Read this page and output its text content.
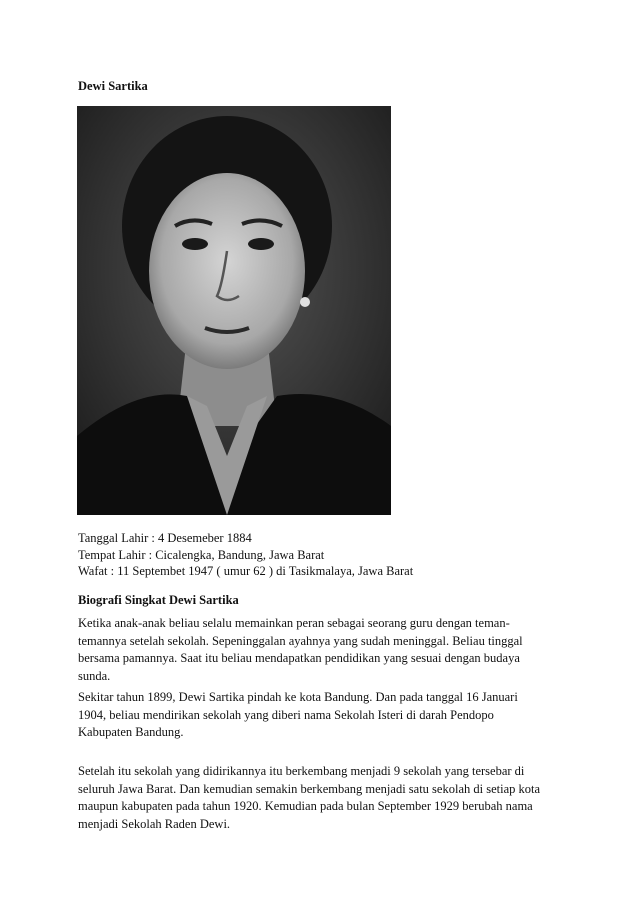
Dewi Sartika
Tanggal Lahir : 4 Desemeber 1884
Tempat Lahir : Cicalengka, Bandung, Jawa Barat
Wafat : 11 Septembet 1947 ( umur 62 ) di Tasikmalaya, Jawa Barat
Biografi Singkat Dewi Sartika
Ketika anak-anak beliau selalu memainkan peran sebagai seorang guru dengan teman-
temannya setelah sekolah. Sepeninggalan ayahnya yang sudah meninggal. Beliau tinggal
bersama pamannya. Saat itu beliau mendapatkan pendidikan yang sesuai dengan budaya
sunda.
Sekitar tahun 1899, Dewi Sartika pindah ke kota Bandung. Dan pada tanggal 16 Januari
1904, beliau mendirikan sekolah yang diberi nama Sekolah Isteri di darah Pendopo
Kabupaten Bandung.
Setelah itu sekolah yang didirikannya itu berkembang menjadi 9 sekolah yang tersebar di
seluruh Jawa Barat. Dan kemudian semakin berkembang menjadi satu sekolah di setiap kota
maupun kabupaten pada tahun 1920. Kemudian pada bulan September 1929 berubah nama
menjadi Sekolah Raden Dewi.
